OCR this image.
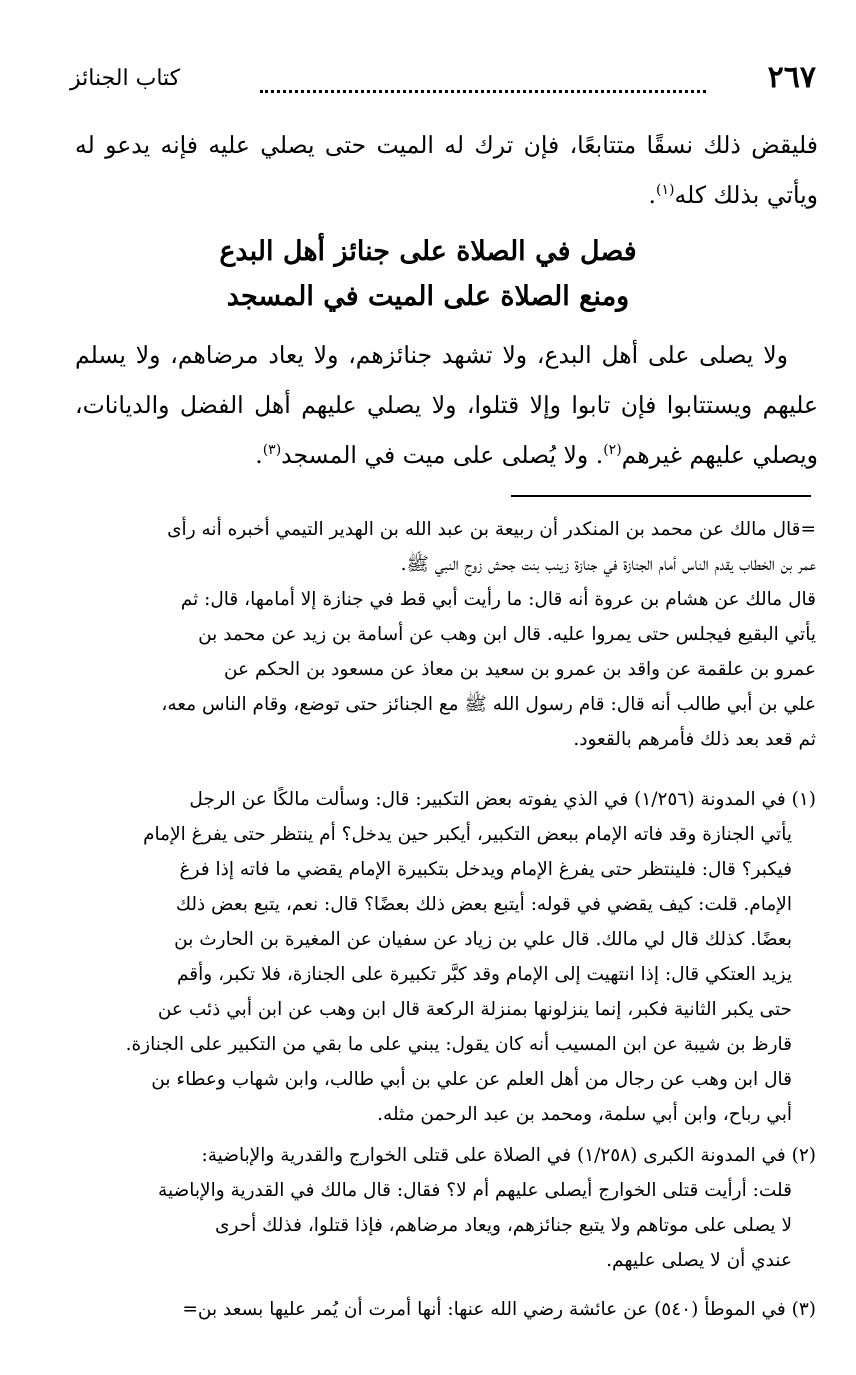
٢٦٧
كتاب الجنائز
فليقض ذلك نسقًا متتابعًا، فإن ترك له الميت حتى يصلي عليه فإنه يدعو له ويأتي بذلك كله$^{(١)}$.
فصل في الصلاة على جنائز أهل البدع
ومنع الصلاة على الميت في المسجد
ولا يصلى على أهل البدع، ولا تشهد جنائزهم، ولا يعاد مرضاهم، ولا يسلم عليهم ويستتابوا فإن تابوا وإلا قتلوا، ولا يصلي عليهم أهل الفضل والديانات، ويصلي عليهم غيرهم$^{(٢)}$. ولا يُصلى على ميت في المسجد$^{(٣)}$.
=قال مالك عن محمد بن المنكدر أن ربيعة بن عبد الله بن الهدير التيمي أخبره أنه رأى
عمر بن الخطاب يقدم الناس أمام الجنازة في جنازة زينب بنت جحش زوج النبي ﷺ.
قال مالك عن هشام بن عروة أنه قال: ما رأيت أبي قط في جنازة إلا أمامها، قال: ثم
يأتي البقيع فيجلس حتى يمروا عليه. قال ابن وهب عن أسامة بن زيد عن محمد بن
عمرو بن علقمة عن واقد بن عمرو بن سعيد بن معاذ عن مسعود بن الحكم عن
علي بن أبي طالب أنه قال: قام رسول الله ﷺ مع الجنائز حتى توضع، وقام الناس معه،
ثم قعد بعد ذلك فأمرهم بالقعود.
(١) في المدونة (١/٢٥٦) في الذي يفوته بعض التكبير: قال: وسألت مالكًا عن الرجل
يأتي الجنازة وقد فاته الإمام ببعض التكبير، أيكبر حين يدخل؟ أم ينتظر حتى يفرغ الإمام
فيكبر؟ قال: فلينتظر حتى يفرغ الإمام ويدخل بتكبيرة الإمام يقضي ما فاته إذا فرغ
الإمام. قلت: كيف يقضي في قوله: أيتبع بعض ذلك بعضًا؟ قال: نعم، يتبع بعض ذلك
بعضًا. كذلك قال لي مالك. قال علي بن زياد عن سفيان عن المغيرة بن الحارث بن
يزيد العتكي قال: إذا انتهيت إلى الإمام وقد كبَّر تكبيرة على الجنازة، فلا تكبر، وأقم
حتى يكبر الثانية فكبر، إنما ينزلونها بمنزلة الركعة قال ابن وهب عن ابن أبي ذئب عن
قارظ بن شيبة عن ابن المسيب أنه كان يقول: يبني على ما بقي من التكبير على الجنازة.
قال ابن وهب عن رجال من أهل العلم عن علي بن أبي طالب، وابن شهاب وعطاء بن
أبي رباح، وابن أبي سلمة، ومحمد بن عبد الرحمن مثله.
(٢) في المدونة الكبرى (١/٢٥٨) في الصلاة على قتلى الخوارج والقدرية والإباضية:
قلت: أرأيت قتلى الخوارج أيصلى عليهم أم لا؟ فقال: قال مالك في القدرية والإباضية
لا يصلى على موتاهم ولا يتبع جنائزهم، ويعاد مرضاهم، فإذا قتلوا، فذلك أحرى
عندي أن لا يصلى عليهم.
(٣) في الموطأ (٥٤٠) عن عائشة رضي الله عنها: أنها أمرت أن يُمر عليها بسعد بن=
